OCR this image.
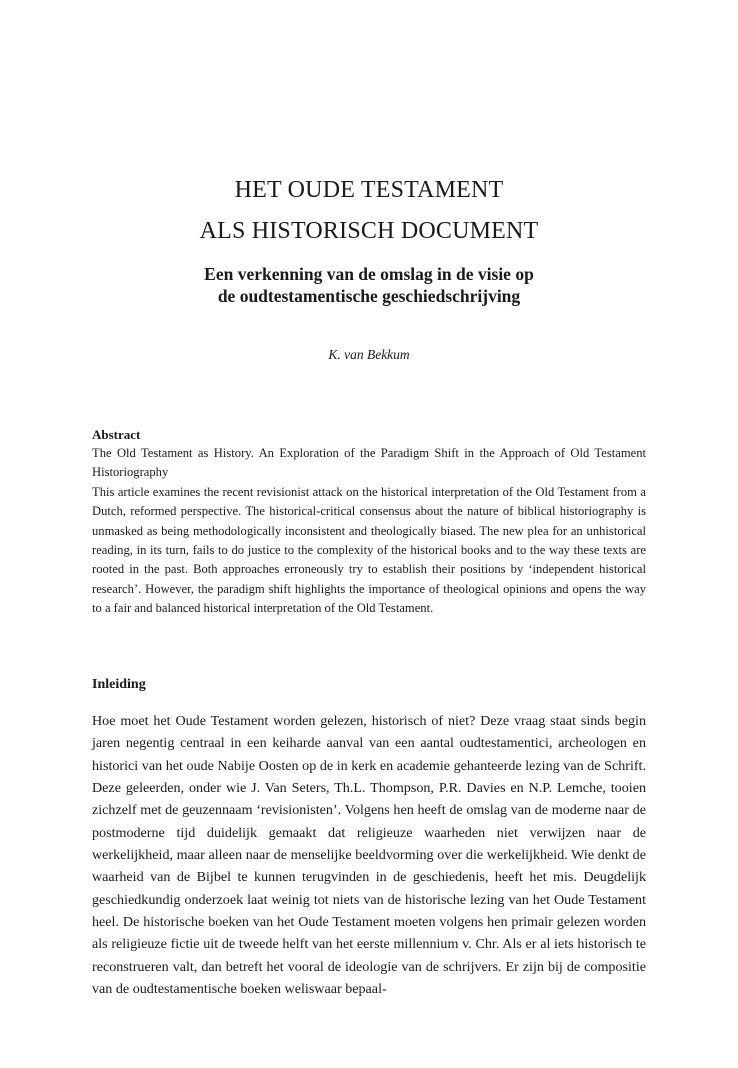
HET OUDE TESTAMENT
ALS HISTORISCH DOCUMENT
Een verkenning van de omslag in de visie op
de oudtestamentische geschiedschrijving
K. van Bekkum
Abstract

The Old Testament as History. An Exploration of the Paradigm Shift in the Approach of Old Testament Historiography

This article examines the recent revisionist attack on the historical interpretation of the Old Testament from a Dutch, reformed perspective. The historical-critical consensus about the nature of biblical historiography is unmasked as being methodologically inconsistent and theologically biased. The new plea for an unhistorical reading, in its turn, fails to do justice to the complexity of the historical books and to the way these texts are rooted in the past. Both approaches erroneously try to establish their positions by ‘independent historical research’. However, the paradigm shift highlights the importance of theological opinions and opens the way to a fair and balanced historical interpretation of the Old Testament.

Inleiding

Hoe moet het Oude Testament worden gelezen, historisch of niet? Deze vraag staat sinds begin jaren negentig centraal in een keiharde aanval van een aantal oudtestamentici, archeologen en historici van het oude Nabije Oosten op de in kerk en academie gehanteerde lezing van de Schrift. Deze geleerden, onder wie J. Van Seters, Th.L. Thompson, P.R. Davies en N.P. Lemche, tooien zichzelf met de geuzennaam ‘revisionisten’. Volgens hen heeft de omslag van de moderne naar de postmoderne tijd duidelijk gemaakt dat religieuze waarheden niet verwijzen naar de werkelijkheid, maar alleen naar de menselijke beeldvorming over die werkelijkheid. Wie denkt de waarheid van de Bijbel te kunnen terugvinden in de geschiedenis, heeft het mis. Deugdelijk geschiedkundig onderzoek laat weinig tot niets van de historische lezing van het Oude Testament heel. De historische boeken van het Oude Testament moeten volgens hen primair gelezen worden als religieuze fictie uit de tweede helft van het eerste millennium v. Chr. Als er al iets historisch te reconstrueren valt, dan betreft het vooral de ideologie van de schrijvers. Er zijn bij de compositie van de oudtestamentische boeken weliswaar bepaal-
